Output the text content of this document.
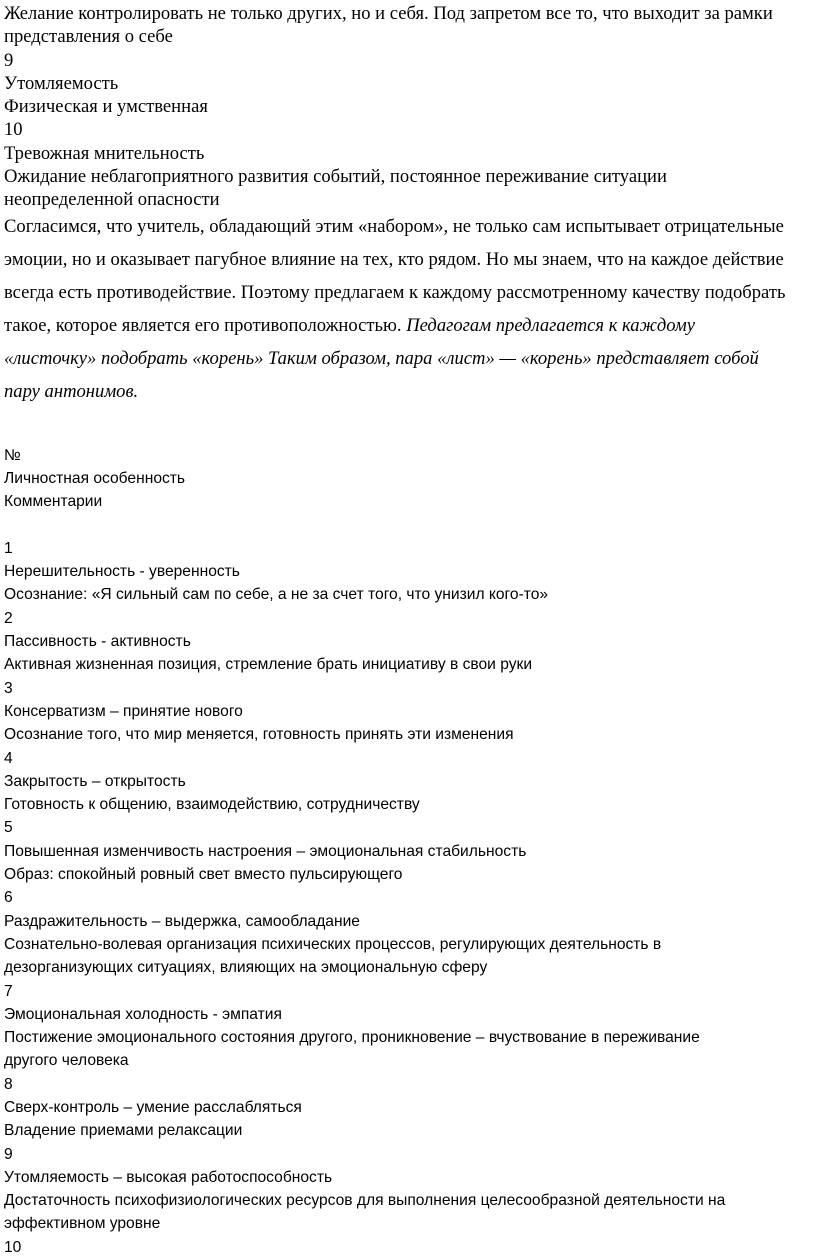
Желание контролировать не только других, но и себя. Под запретом все то, что выходит за рамки
представления о себе
9
Утомляемость
Физическая и умственная
10
Тревожная мнительность
Ожидание неблагоприятного развития событий, постоянное переживание ситуации
неопределенной опасности
Согласимся, что учитель, обладающий этим «набором», не только сам испытывает отрицательные
эмоции, но и оказывает пагубное влияние на тех, кто рядом. Но мы знаем, что на каждое действие
всегда есть противодействие. Поэтому предлагаем к каждому рассмотренному качеству подобрать
такое, которое является его противоположностью. Педагогам предлагается к каждому
«листочку» подобрать «корень» Таким образом, пара «лист» — «корень» представляет собой
пару антонимов.
№
Личностная особенность
Комментарии
1
Нерешительность - уверенность
Осознание: «Я сильный сам по себе, а не за счет того, что унизил кого-то»
2
Пассивность - активность
Активная жизненная позиция, стремление брать инициативу в свои руки
3
Консерватизм – принятие нового
Осознание того, что мир меняется, готовность принять эти изменения
4
Закрытость – открытость
Готовность к общению, взаимодействию, сотрудничеству
5
Повышенная изменчивость настроения – эмоциональная стабильность
Образ: спокойный ровный свет вместо пульсирующего
6
Раздражительность – выдержка, самообладание
Сознательно-волевая организация психических процессов, регулирующих деятельность в
дезорганизующих ситуациях, влияющих на эмоциональную сферу
7
Эмоциональная холодность - эмпатия
Постижение эмоционального состояния другого, проникновение – вчуствование в переживание
другого человека
8
Сверх-контроль – умение расслабляться
Владение приемами релаксации
9
Утомляемость – высокая работоспособность
Достаточность психофизиологических ресурсов для выполнения целесообразной деятельности на
эффективном уровне
10
